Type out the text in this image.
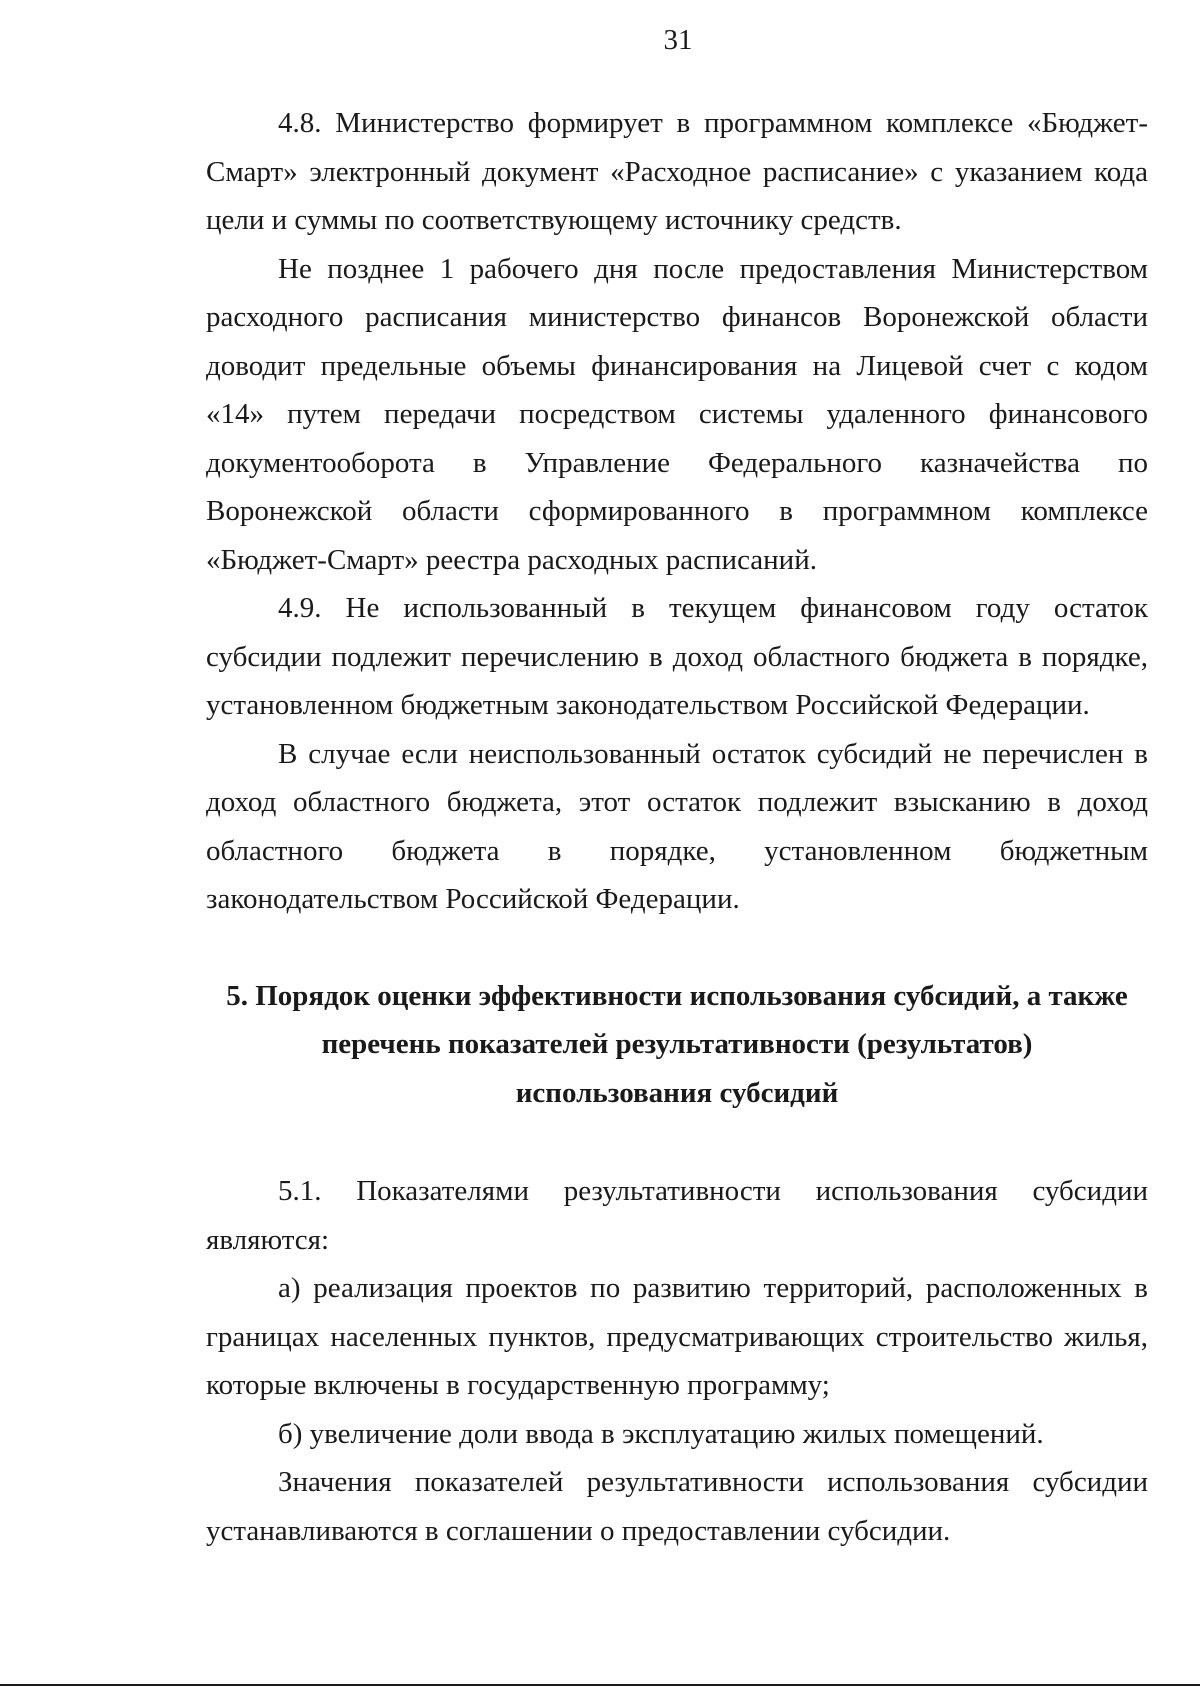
31

4.8. Министерство формирует в программном комплексе «Бюджет-Смарт» электронный документ «Расходное расписание» с указанием кода цели и суммы по соответствующему источнику средств.

Не позднее 1 рабочего дня после предоставления Министерством расходного расписания министерство финансов Воронежской области доводит предельные объемы финансирования на Лицевой счет с кодом «14» путем передачи посредством системы удаленного финансового документооборота в Управление Федерального казначейства по Воронежской области сформированного в программном комплексе «Бюджет-Смарт» реестра расходных расписаний.

4.9. Не использованный в текущем финансовом году остаток субсидии подлежит перечислению в доход областного бюджета в порядке, установленном бюджетным законодательством Российской Федерации.

В случае если неиспользованный остаток субсидий не перечислен в доход областного бюджета, этот остаток подлежит взысканию в доход областного бюджета в порядке, установленном бюджетным законодательством Российской Федерации.

5. Порядок оценки эффективности использования субсидий, а также
перечень показателей результативности (результатов)
использования субсидий

5.1. Показателями результативности использования субсидии являются:

а) реализация проектов по развитию территорий, расположенных в границах населенных пунктов, предусматривающих строительство жилья, которые включены в государственную программу;

б) увеличение доли ввода в эксплуатацию жилых помещений.

Значения показателей результативности использования субсидии устанавливаются в соглашении о предоставлении субсидии.
